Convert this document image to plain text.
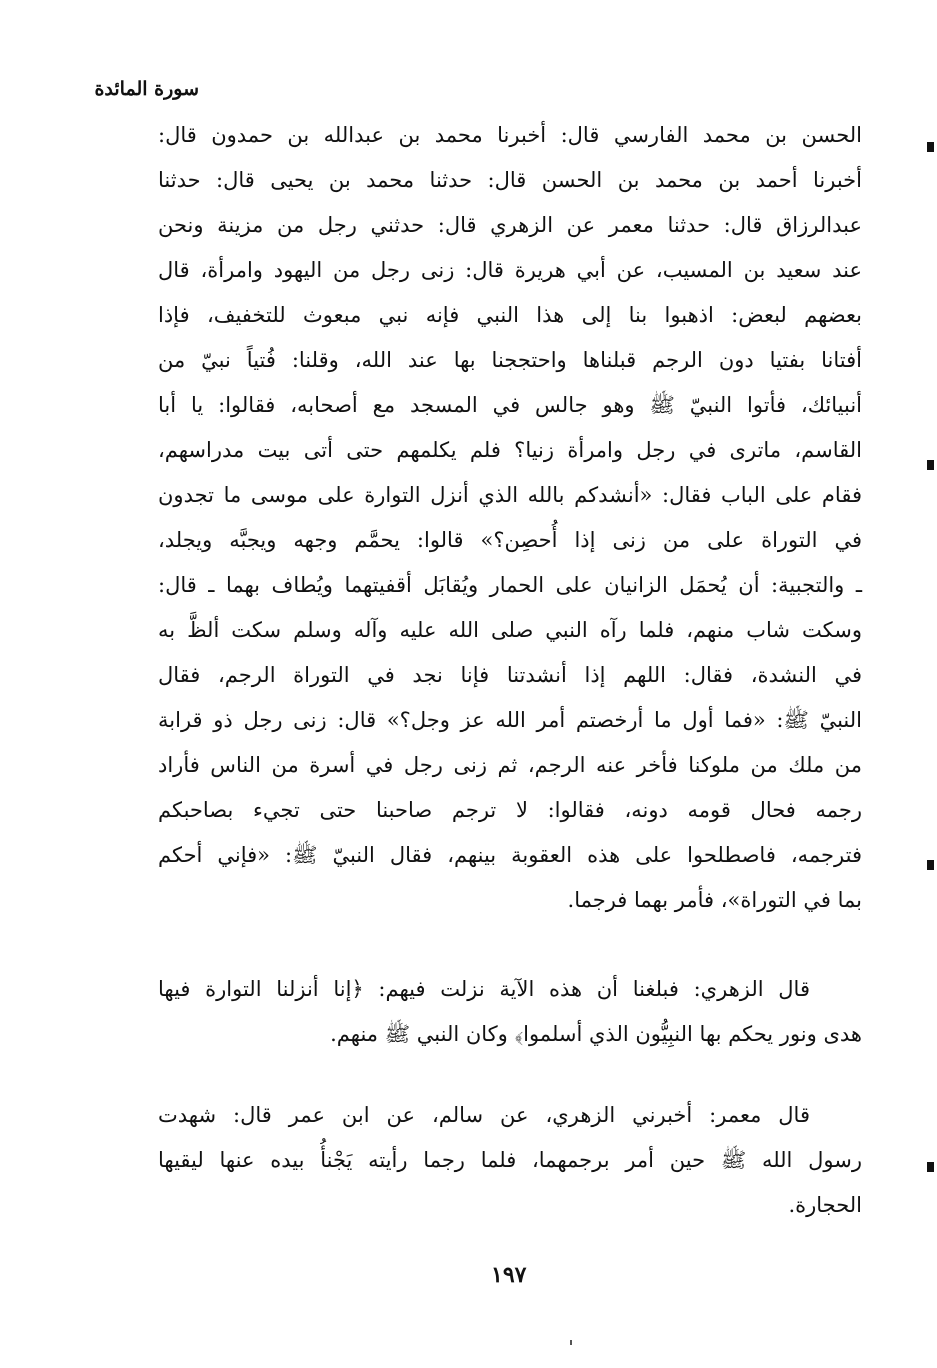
سورة المائدة
الحسن بن محمد الفارسي قال: أخبرنا محمد بن عبدالله بن حمدون قال:
أخبرنا أحمد بن محمد بن الحسن قال: حدثنا محمد بن يحيى قال: حدثنا
عبدالرزاق قال: حدثنا معمر عن الزهري قال: حدثني رجل من مزينة ونحن
عند سعيد بن المسيب، عن أبي هريرة قال: زنى رجل من اليهود وامرأة، قال
بعضهم لبعض: اذهبوا بنا إلى هذا النبي فإنه نبي مبعوث للتخفيف، فإذا
أفتانا بفتيا دون الرجم قبلناها واحتججنا بها عند الله، وقلنا: فُتياً نبيّ من
أنبيائك، فأتوا النبيّ ﷺ وهو جالس في المسجد مع أصحابه، فقالوا: يا أبا
القاسم، ماترى في رجل وامرأة زنيا؟ فلم يكلمهم حتى أتى بيت مدراسهم،
فقام على الباب فقال: «أنشدكم بالله الذي أنزل التوارة على موسى ما تجدون
في التوراة على من زنى إذا أُحصِن؟» قالوا: يحمَّم وجهه ويجبَّه ويجلد،
ـ والتجبية: أن يُحمَل الزانيان على الحمار ويُقابَل أقفيتهما ويُطاف بهما ـ قال:
وسكت شاب منهم، فلما رآه النبي صلى الله عليه وآله وسلم سكت ألظَّ به
في النشدة، فقال: اللهم إذا أنشدتنا فإنا نجد في التوراة الرجم، فقال
النبيّ ﷺ: «فما أول ما أرخصتم أمر الله عز وجل؟» قال: زنى رجل ذو قرابة
من ملك من ملوكنا فأخر عنه الرجم، ثم زنى رجل في أسرة من الناس فأراد
رجمه فحال قومه دونه، فقالوا: لا ترجم صاحبنا حتى تجيء بصاحبكم
فترجمه، فاصطلحوا على هذه العقوبة بينهم، فقال النبيّ ﷺ: «فإني أحكم
بما في التوراة»، فأمر بهما فرجما.
قال الزهري: فبلغنا أن هذه الآية نزلت فيهم: ﴿إنا أنزلنا التوارة فيها
هدى ونور يحكم بها النبِيُّون الذي أسلموا﴾ وكان النبي ﷺ منهم.
قال معمر: أخبرني الزهري، عن سالم، عن ابن عمر قال: شهدت
رسول الله ﷺ حين أمر برجمهما، فلما رجما رأيته يَجْنأُ بيده عنها ليقيها
الحجارة.
١٩٧
